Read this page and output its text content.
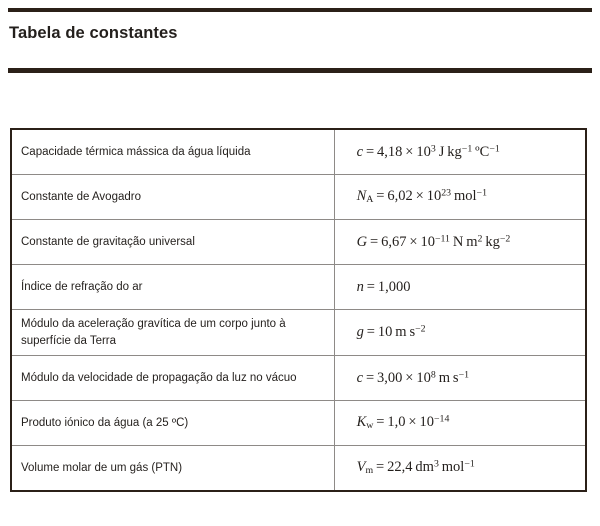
Tabela de constantes
Capacidade térmica mássica da água líquida	$c = 4,18 \times 10^3$  J  $kg^{-1}$  ºC$^{-1}$

Constante de Avogadro	$N_A = 6,02 \times 10^{23}$  mol$^{-1}$

Constante de gravitação universal	$G = 6,67 \times 10^{-11}$  N  $m^2$  $kg^{-2}$

Índice de refração do ar	n = 1,000

Módulo da aceleração gravítica de um corpo junto à superfície da Terra	g = 10  m  $s^{-2}$

Módulo da velocidade de propagação da luz no vácuo	$c = 3,00 \times 10^8$  m  $s^{-1}$

Produto iónico da água (a 25 ºC)	$K_w = 1,0 \times 10^{-14}$

Volume molar de um gás (PTN)	$V_m = 22,4$  $dm^3$  mol$^{-1}$
